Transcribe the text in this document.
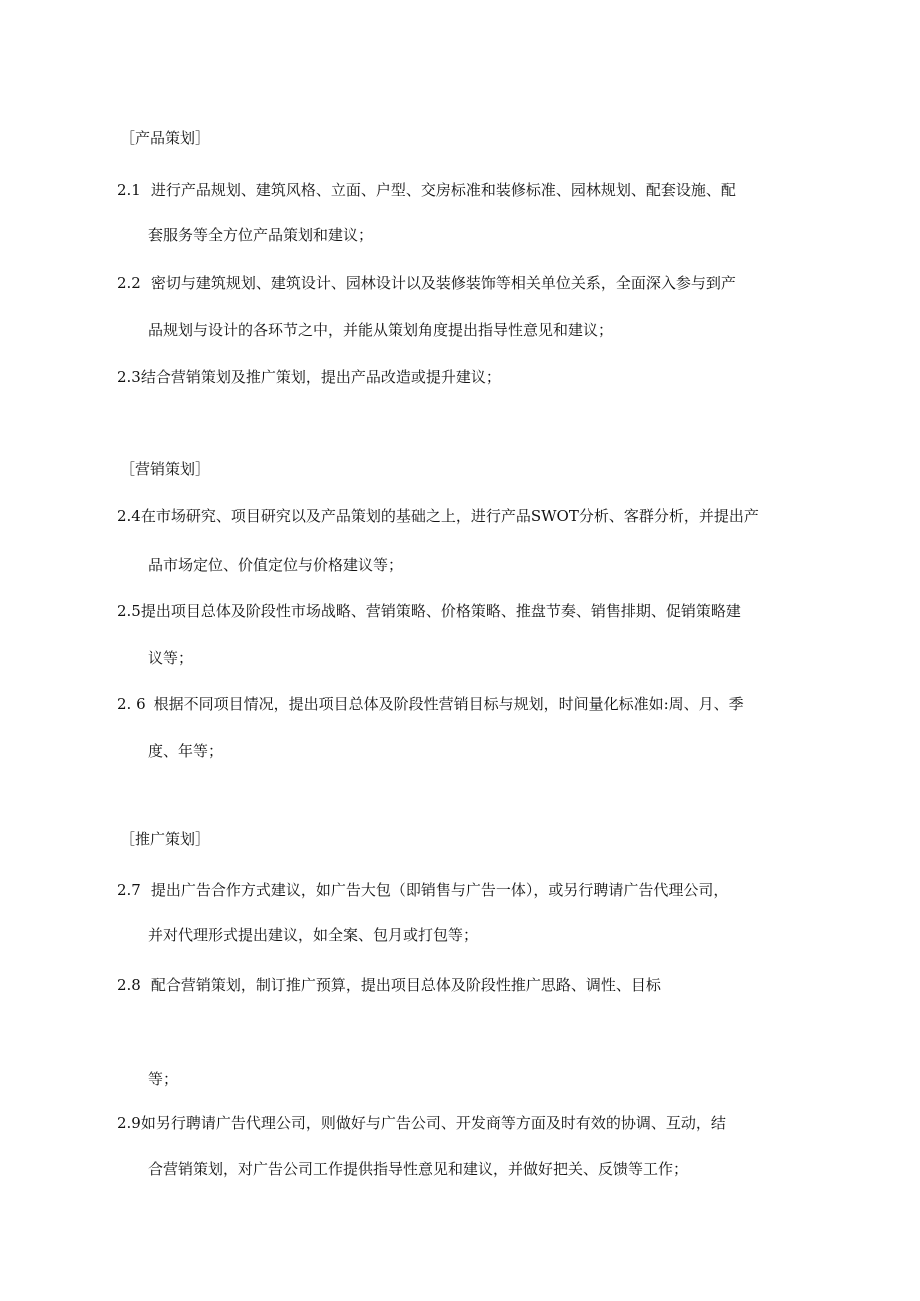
［产品策划］
2.1 进行产品规划、建筑风格、立面、户型、交房标准和装修标准、园林规划、配套设施、配
套服务等全方位产品策划和建议；
2.2 密切与建筑规划、建筑设计、园林设计以及装修装饰等相关单位关系，全面深入参与到产
品规划与设计的各环节之中，并能从策划角度提出指导性意见和建议；
2.3结合营销策划及推广策划，提出产品改造或提升建议；
［营销策划］
2.4在市场研究、项目研究以及产品策划的基础之上，进行产品SWOT分析、客群分析，并提出产
品市场定位、价值定位与价格建议等；
2.5提出项目总体及阶段性市场战略、营销策略、价格策略、推盘节奏、销售排期、促销策略建
议等；
2. 6 根据不同项目情况，提出项目总体及阶段性营销目标与规划，时间量化标准如:周、月、季
度、年等；
［推广策划］
2.7 提出广告合作方式建议，如广告大包（即销售与广告一体），或另行聘请广告代理公司，
并对代理形式提出建议，如全案、包月或打包等；
2.8 配合营销策划，制订推广预算，提出项目总体及阶段性推广思路、调性、目标
等；
2.9如另行聘请广告代理公司，则做好与广告公司、开发商等方面及时有效的协调、互动，结
合营销策划，对广告公司工作提供指导性意见和建议，并做好把关、反馈等工作；
